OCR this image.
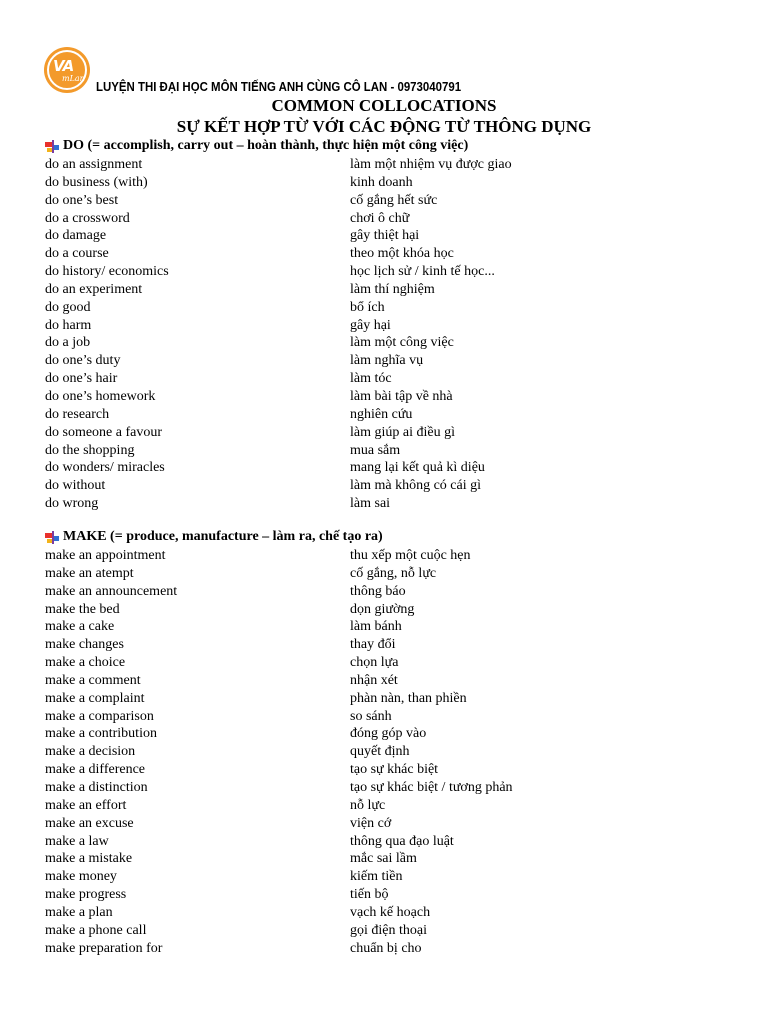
VA
mLan
LUYỆN THI ĐẠI HỌC MÔN TIẾNG ANH CÙNG CÔ LAN - 0973040791
COMMON COLLOCATIONS
SỰ KẾT HỢP TỪ VỚI CÁC ĐỘNG TỪ THÔNG DỤNG
DO (= accomplish, carry out – hoàn thành, thực hiện một công việc)
do an assignment	làm một nhiệm vụ được giao
do business (with)	kinh doanh
do one’s best	cố gắng hết sức
do a crossword	chơi ô chữ
do damage	gây thiệt hại
do a course	theo một khóa học
do history/ economics	học lịch sử / kinh tế học...
do an experiment	làm thí nghiệm
do good	bổ ích
do harm	gây hại
do a job	làm một công việc
do one’s duty	làm nghĩa vụ
do one’s hair	làm tóc
do one’s homework	làm bài tập về nhà
do research	nghiên cứu
do someone a favour	làm giúp ai điều gì
do the shopping	mua sắm
do wonders/ miracles	mang lại kết quả kì diệu
do without	làm mà không có cái gì
do wrong	làm sai
MAKE (= produce, manufacture – làm ra, chế tạo ra)
make an appointment	thu xếp một cuộc hẹn
make an atempt	cố gắng, nỗ lực
make an announcement	thông báo
make the bed	dọn giường
make a cake	làm bánh
make changes	thay đổi
make a choice	chọn lựa
make a comment	nhận xét
make a complaint	phàn nàn, than phiền
make a comparison	so sánh
make a contribution	đóng góp vào
make a decision	quyết định
make a difference	tạo sự khác biệt
make a distinction	tạo sự khác biệt / tương phản
make an effort	nỗ lực
make an excuse	viện cớ
make a law	thông qua đạo luật
make a mistake	mắc sai lầm
make money	kiếm tiền
make progress	tiến bộ
make a plan	vạch kế hoạch
make a phone call	gọi điện thoại
make preparation for	chuẩn bị cho
